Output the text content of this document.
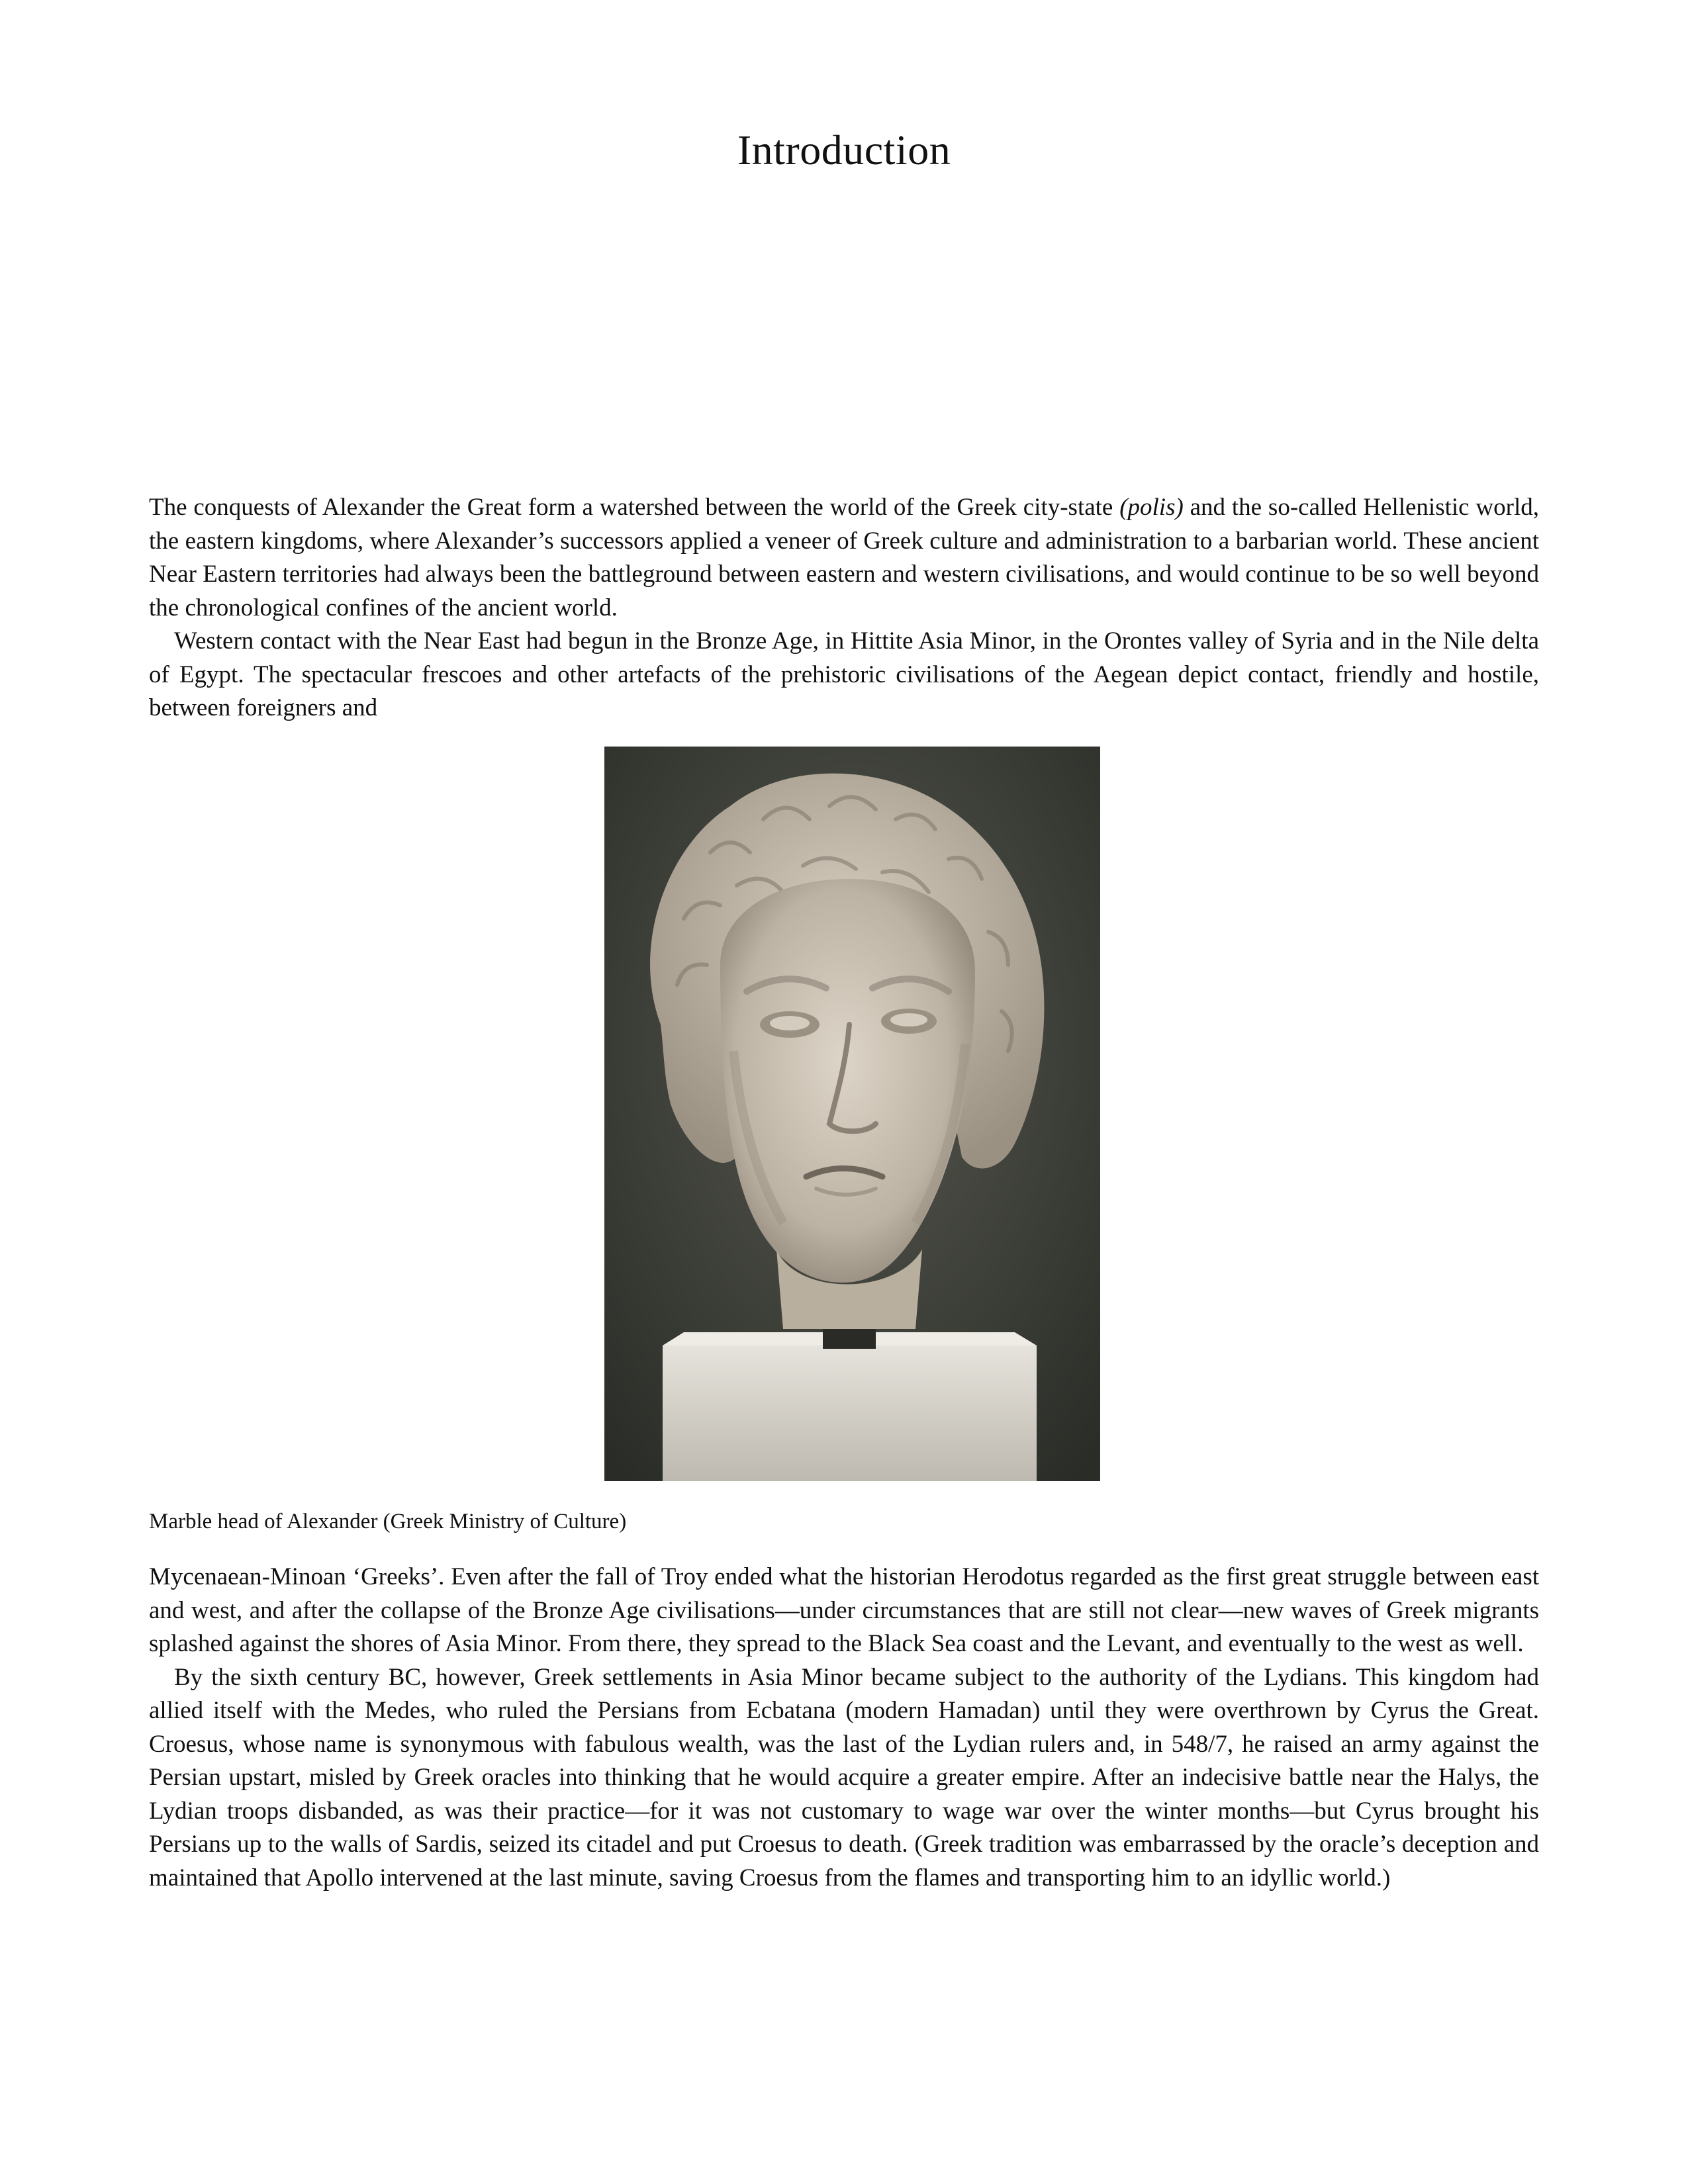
Introduction

The conquests of Alexander the Great form a watershed between the world of the Greek city-state (polis) and the so-called Hellenistic world, the eastern kingdoms, where Alexander’s successors applied a veneer of Greek culture and administration to a barbarian world. These ancient Near Eastern territories had always been the battleground between eastern and western civilisations, and would continue to be so well beyond the chronological confines of the ancient world.

Western contact with the Near East had begun in the Bronze Age, in Hittite Asia Minor, in the Orontes valley of Syria and in the Nile delta of Egypt. The spectacular frescoes and other artefacts of the prehistoric civilisations of the Aegean depict contact, friendly and hostile, between foreigners and

Marble head of Alexander (Greek Ministry of Culture)

Mycenaean-Minoan ‘Greeks’. Even after the fall of Troy ended what the historian Herodotus regarded as the first great struggle between east and west, and after the collapse of the Bronze Age civilisations—under circumstances that are still not clear—new waves of Greek migrants splashed against the shores of Asia Minor. From there, they spread to the Black Sea coast and the Levant, and eventually to the west as well.

By the sixth century BC, however, Greek settlements in Asia Minor became subject to the authority of the Lydians. This kingdom had allied itself with the Medes, who ruled the Persians from Ecbatana (modern Hamadan) until they were overthrown by Cyrus the Great. Croesus, whose name is synonymous with fabulous wealth, was the last of the Lydian rulers and, in 548/7, he raised an army against the Persian upstart, misled by Greek oracles into thinking that he would acquire a greater empire. After an indecisive battle near the Halys, the Lydian troops disbanded, as was their practice—for it was not customary to wage war over the winter months—but Cyrus brought his Persians up to the walls of Sardis, seized its citadel and put Croesus to death. (Greek tradition was embarrassed by the oracle’s deception and maintained that Apollo intervened at the last minute, saving Croesus from the flames and transporting him to an idyllic world.)
